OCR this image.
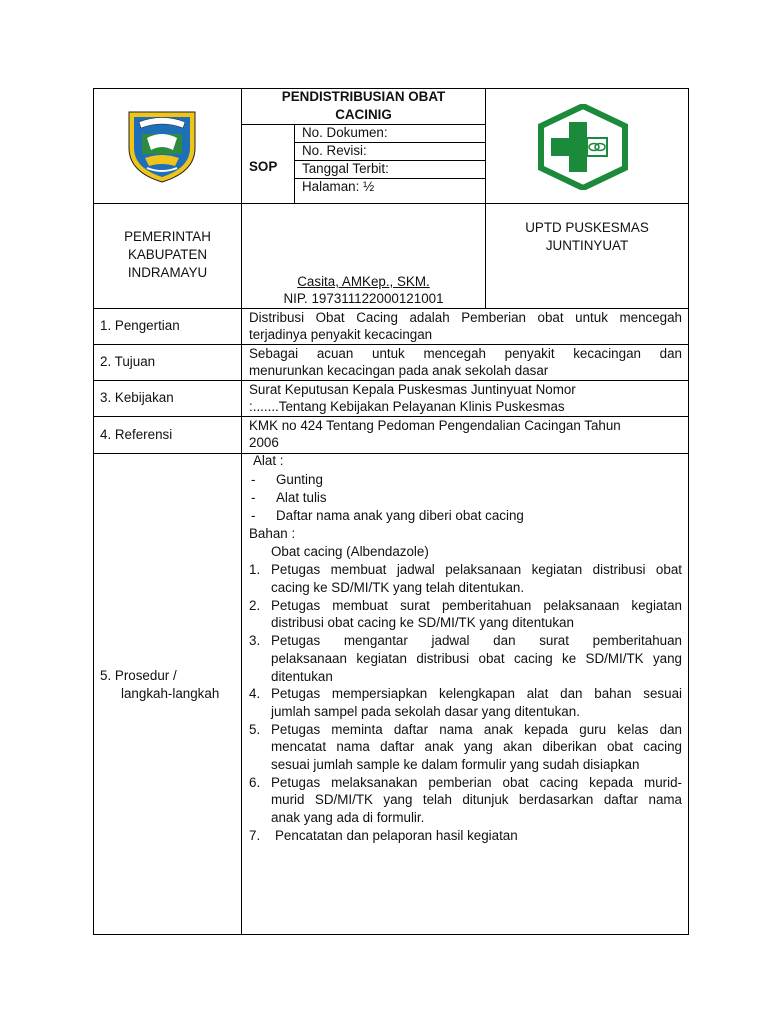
PENDISTRIBUSIAN OBAT
CACINIG
SOP
No. Dokumen:
No. Revisi:
Tanggal Terbit:
Halaman: ½
PEMERINTAH
KABUPATEN
INDRAMAYU
Casita, AMKep., SKM.
NIP. 197311122000121001
UPTD PUSKESMAS
JUNTINYUAT
1. Pengertian
Distribusi Obat Cacing adalah Pemberian obat untuk mencegah
terjadinya penyakit kecacingan
2. Tujuan
Sebagai acuan untuk mencegah penyakit kecacingan dan
menurunkan kecacingan pada anak sekolah dasar
3. Kebijakan
Surat Keputusan Kepala Puskesmas Juntinyuat Nomor
:.......Tentang Kebijakan Pelayanan Klinis Puskesmas
4. Referensi
KMK no 424 Tentang Pedoman Pengendalian Cacingan Tahun
2006
5. Prosedur /
langkah-langkah
Alat :
- Gunting
- Alat tulis
- Daftar nama anak yang diberi obat cacing
Bahan :
Obat cacing (Albendazole)
1. Petugas membuat jadwal pelaksanaan kegiatan distribusi obat
cacing ke SD/MI/TK yang telah ditentukan.
2. Petugas membuat surat pemberitahuan pelaksanaan kegiatan
distribusi obat cacing ke SD/MI/TK yang ditentukan
3. Petugas mengantar jadwal dan surat pemberitahuan
pelaksanaan kegiatan distribusi obat cacing ke SD/MI/TK yang
ditentukan
4. Petugas mempersiapkan kelengkapan alat dan bahan sesuai
jumlah sampel pada sekolah dasar yang ditentukan.
5. Petugas meminta daftar nama anak kepada guru kelas dan
mencatat nama daftar anak yang akan diberikan obat cacing
sesuai jumlah sample ke dalam formulir yang sudah disiapkan
6. Petugas melaksanakan pemberian obat cacing kepada murid-
murid SD/MI/TK yang telah ditunjuk berdasarkan daftar nama
anak yang ada di formulir.
7. Pencatatan dan pelaporan hasil kegiatan
